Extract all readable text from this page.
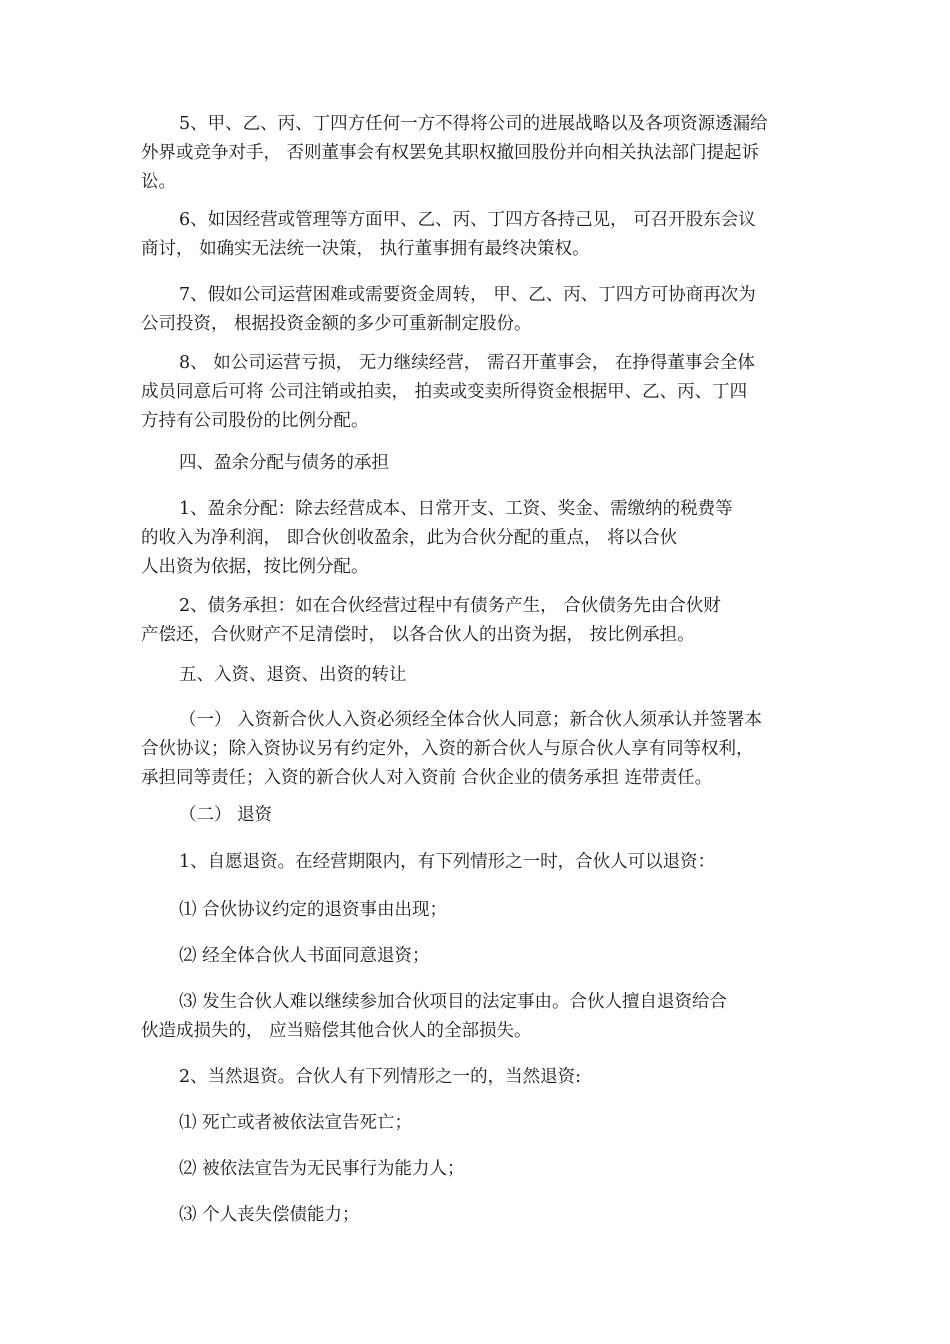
5、甲、乙、丙、丁四方任何一方不得将公司的进展战略以及各项资源透漏给
外界或竞争对手， 否则董事会有权罢免其职权撤回股份并向相关执法部门提起诉
讼。

6、如因经营或管理等方面甲、乙、丙、丁四方各持己见， 可召开股东会议
商讨， 如确实无法统一决策， 执行董事拥有最终决策权。

7、假如公司运营困难或需要资金周转， 甲、乙、丙、丁四方可协商再次为
公司投资， 根据投资金额的多少可重新制定股份。

8、 如公司运营亏损， 无力继续经营， 需召开董事会， 在挣得董事会全体
成员同意后可将 公司注销或拍卖， 拍卖或变卖所得资金根据甲、乙、丙、丁四
方持有公司股份的比例分配。

四、盈余分配与债务的承担

1、盈余分配：除去经营成本、日常开支、工资、奖金、需缴纳的税费等
的收入为净利润， 即合伙创收盈余，此为合伙分配的重点， 将以合伙
人出资为依据，按比例分配。

2、债务承担：如在合伙经营过程中有债务产生， 合伙债务先由合伙财
产偿还，合伙财产不足清偿时， 以各合伙人的出资为据， 按比例承担。

五、入资、退资、出资的转让

（一） 入资新合伙人入资必须经全体合伙人同意；新合伙人须承认并签署本
合伙协议；除入资协议另有约定外，入资的新合伙人与原合伙人享有同等权利，
承担同等责任；入资的新合伙人对入资前 合伙企业的债务承担 连带责任。

（二） 退资

1、自愿退资。在经营期限内，有下列情形之一时，合伙人可以退资：

⑴ 合伙协议约定的退资事由出现；

⑵ 经全体合伙人书面同意退资；

⑶ 发生合伙人难以继续参加合伙项目的法定事由。合伙人擅自退资给合
伙造成损失的， 应当赔偿其他合伙人的全部损失。

2、当然退资。合伙人有下列情形之一的，当然退资:

⑴ 死亡或者被依法宣告死亡；

⑵ 被依法宣告为无民事行为能力人；

⑶ 个人丧失偿债能力；
